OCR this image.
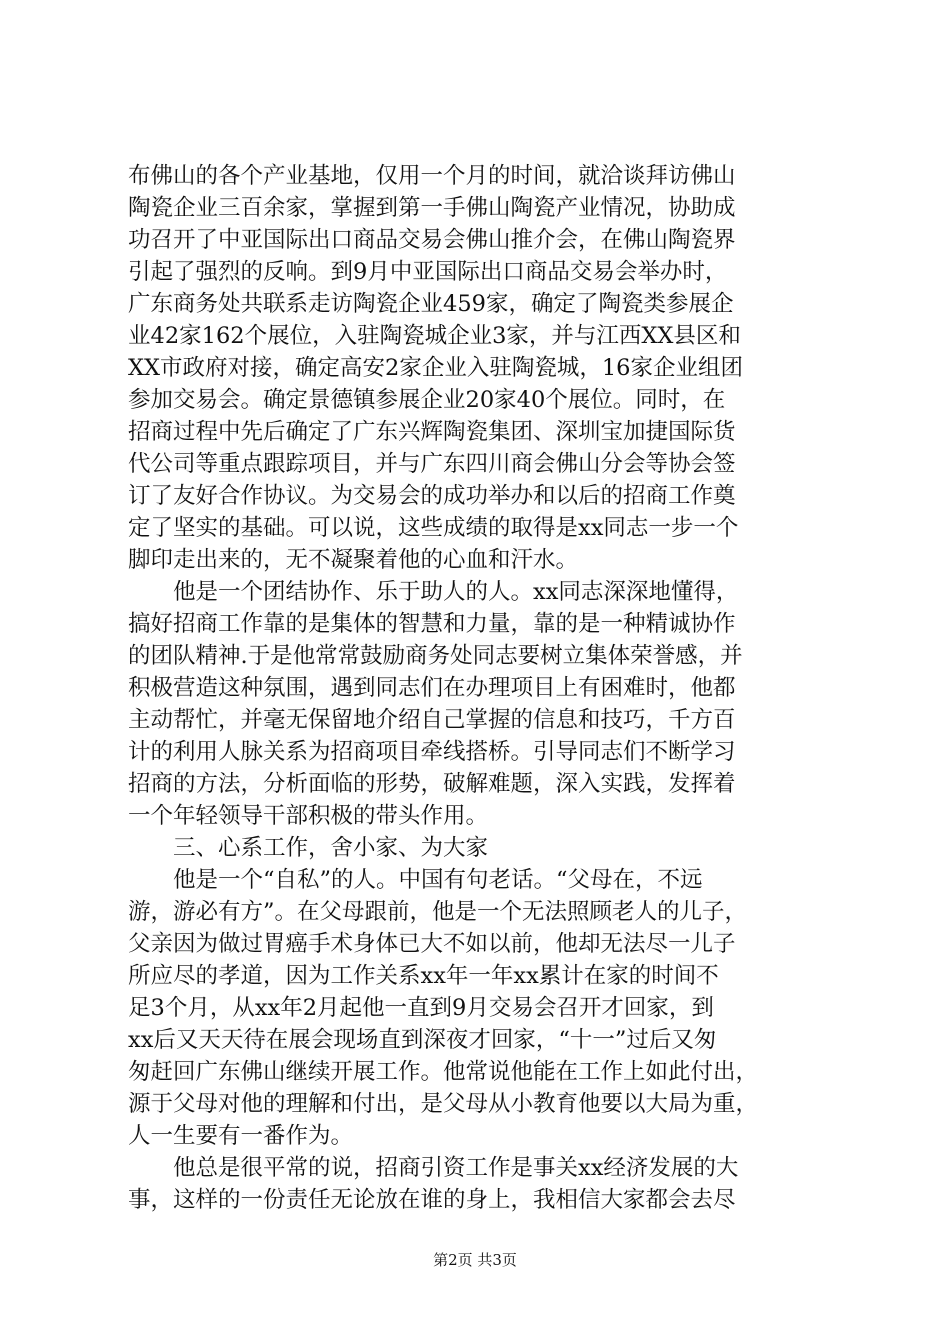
布佛山的各个产业基地，仅用一个月的时间，就洽谈拜访佛山
陶瓷企业三百余家，掌握到第一手佛山陶瓷产业情况，协助成
功召开了中亚国际出口商品交易会佛山推介会，在佛山陶瓷界
引起了强烈的反响。到9月中亚国际出口商品交易会举办时，
广东商务处共联系走访陶瓷企业459家，确定了陶瓷类参展企
业42家162个展位，入驻陶瓷城企业3家，并与江西XX县区和
XX市政府对接，确定高安2家企业入驻陶瓷城，16家企业组团
参加交易会。确定景德镇参展企业20家40个展位。同时，在
招商过程中先后确定了广东兴辉陶瓷集团、深圳宝加捷国际货
代公司等重点跟踪项目，并与广东四川商会佛山分会等协会签
订了友好合作协议。为交易会的成功举办和以后的招商工作奠
定了坚实的基础。可以说，这些成绩的取得是xx同志一步一个
脚印走出来的，无不凝聚着他的心血和汗水。
他是一个团结协作、乐于助人的人。xx同志深深地懂得，
搞好招商工作靠的是集体的智慧和力量，靠的是一种精诚协作
的团队精神.于是他常常鼓励商务处同志要树立集体荣誉感，并
积极营造这种氛围，遇到同志们在办理项目上有困难时，他都
主动帮忙，并毫无保留地介绍自己掌握的信息和技巧，千方百
计的利用人脉关系为招商项目牵线搭桥。引导同志们不断学习
招商的方法，分析面临的形势，破解难题，深入实践，发挥着
一个年轻领导干部积极的带头作用。
三、心系工作，舍小家、为大家
他是一个“自私”的人。中国有句老话。“父母在，不远
游，游必有方”。在父母跟前，他是一个无法照顾老人的儿子，
父亲因为做过胃癌手术身体已大不如以前，他却无法尽一儿子
所应尽的孝道，因为工作关系xx年一年xx累计在家的时间不
足3个月，从xx年2月起他一直到9月交易会召开才回家，到
xx后又天天待在展会现场直到深夜才回家，“十一”过后又匆
匆赶回广东佛山继续开展工作。他常说他能在工作上如此付出，
源于父母对他的理解和付出，是父母从小教育他要以大局为重，
人一生要有一番作为。
他总是很平常的说，招商引资工作是事关xx经济发展的大
事，这样的一份责任无论放在谁的身上，我相信大家都会去尽
第2页 共3页
